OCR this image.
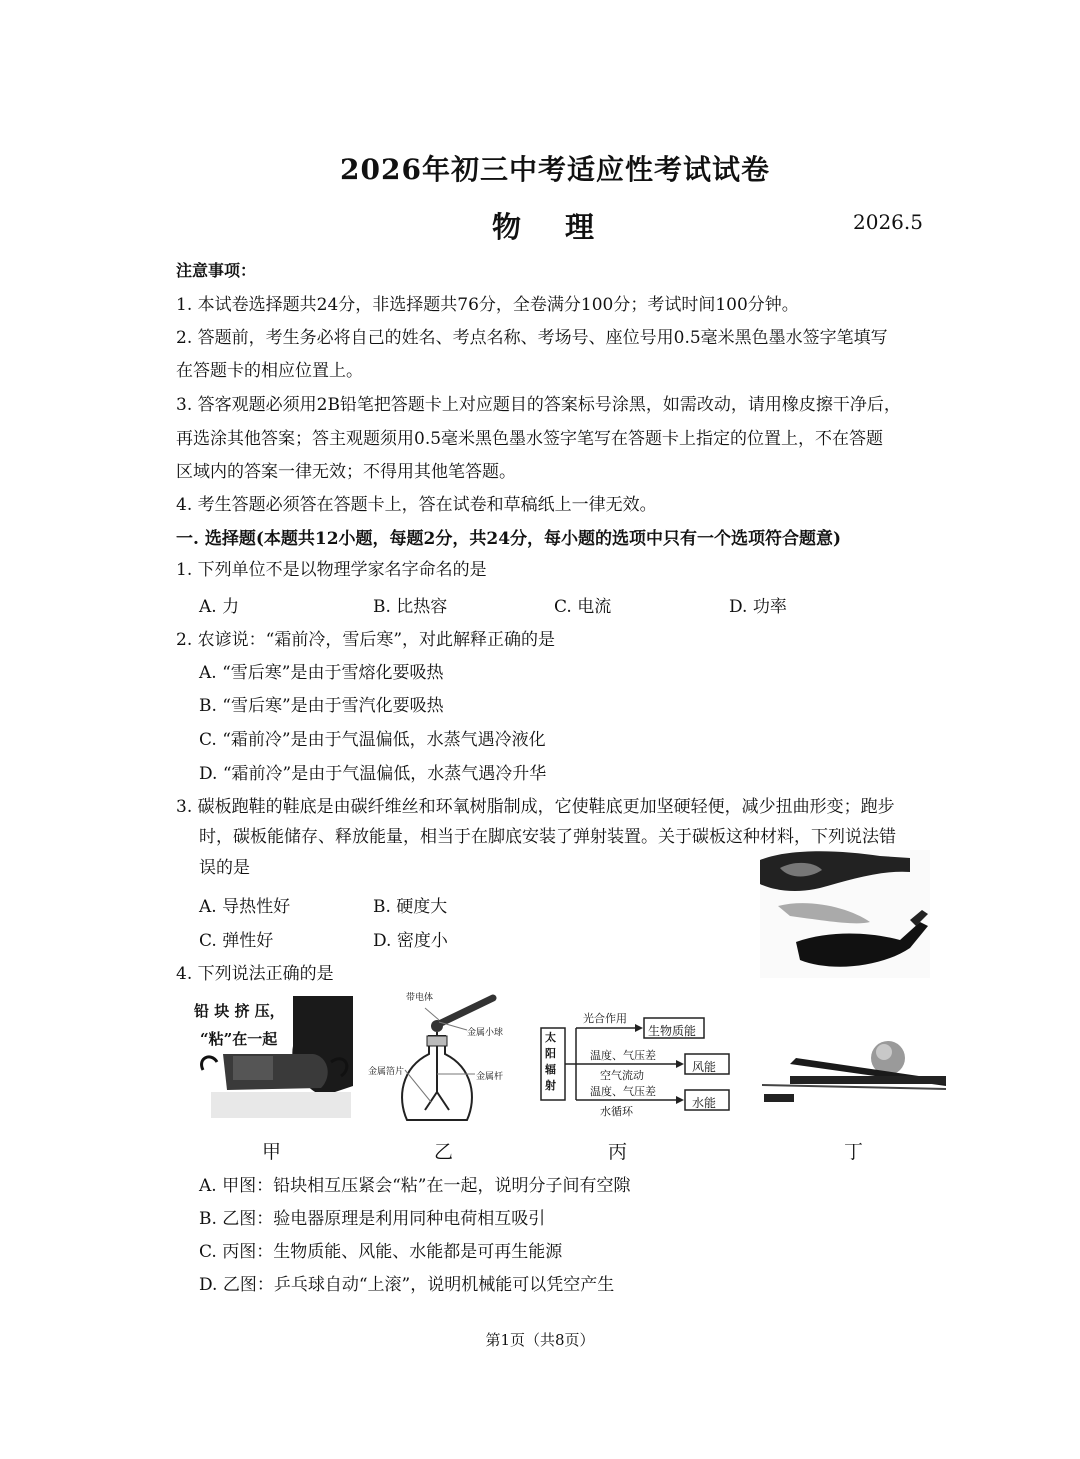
2026年初三中考适应性考试试卷
物 理	2026.5
注意事项：
1. 本试卷选择题共24分，非选择题共76分，全卷满分100分；考试时间100分钟。
2. 答题前，考生务必将自己的姓名、考点名称、考场号、座位号用0.5毫米黑色墨水签字笔填写
在答题卡的相应位置上。
3. 答客观题必须用2B铅笔把答题卡上对应题目的答案标号涂黑，如需改动，请用橡皮擦干净后，
再选涂其他答案；答主观题须用0.5毫米黑色墨水签字笔写在答题卡上指定的位置上，不在答题
区域内的答案一律无效；不得用其他笔答题。
4. 考生答题必须答在答题卡上，答在试卷和草稿纸上一律无效。
一. 选择题(本题共12小题，每题2分，共24分，每小题的选项中只有一个选项符合题意)
1. 下列单位不是以物理学家名字命名的是
A. 力	B. 比热容	C. 电流	D. 功率
2. 农谚说：“霜前冷，雪后寒”，对此解释正确的是
A. “雪后寒”是由于雪熔化要吸热
B. “雪后寒”是由于雪汽化要吸热
C. “霜前冷”是由于气温偏低，水蒸气遇冷液化
D. “霜前冷”是由于气温偏低，水蒸气遇冷升华
3. 碳板跑鞋的鞋底是由碳纤维丝和环氧树脂制成，它使鞋底更加坚硬轻便，减少扭曲形变；跑步
时，碳板能储存、释放能量，相当于在脚底安装了弹射装置。关于碳板这种材料，下列说法错
误的是
A. 导热性好	B. 硬度大
C. 弹性好	D. 密度小
4. 下列说法正确的是
铅 块 挤 压，
“粘”在一起
带电体
金属小球
金属杆
金属箔片
太
阳
辐
射
光合作用
温度、气压差
空气流动
温度、气压差
水循环
生物质能
风能
水能
甲	乙	丙	丁
A. 甲图：铅块相互压紧会“粘”在一起，说明分子间有空隙
B. 乙图：验电器原理是利用同种电荷相互吸引
C. 丙图：生物质能、风能、水能都是可再生能源
D. 乙图：乒乓球自动“上滚”，说明机械能可以凭空产生
第1页（共8页）
